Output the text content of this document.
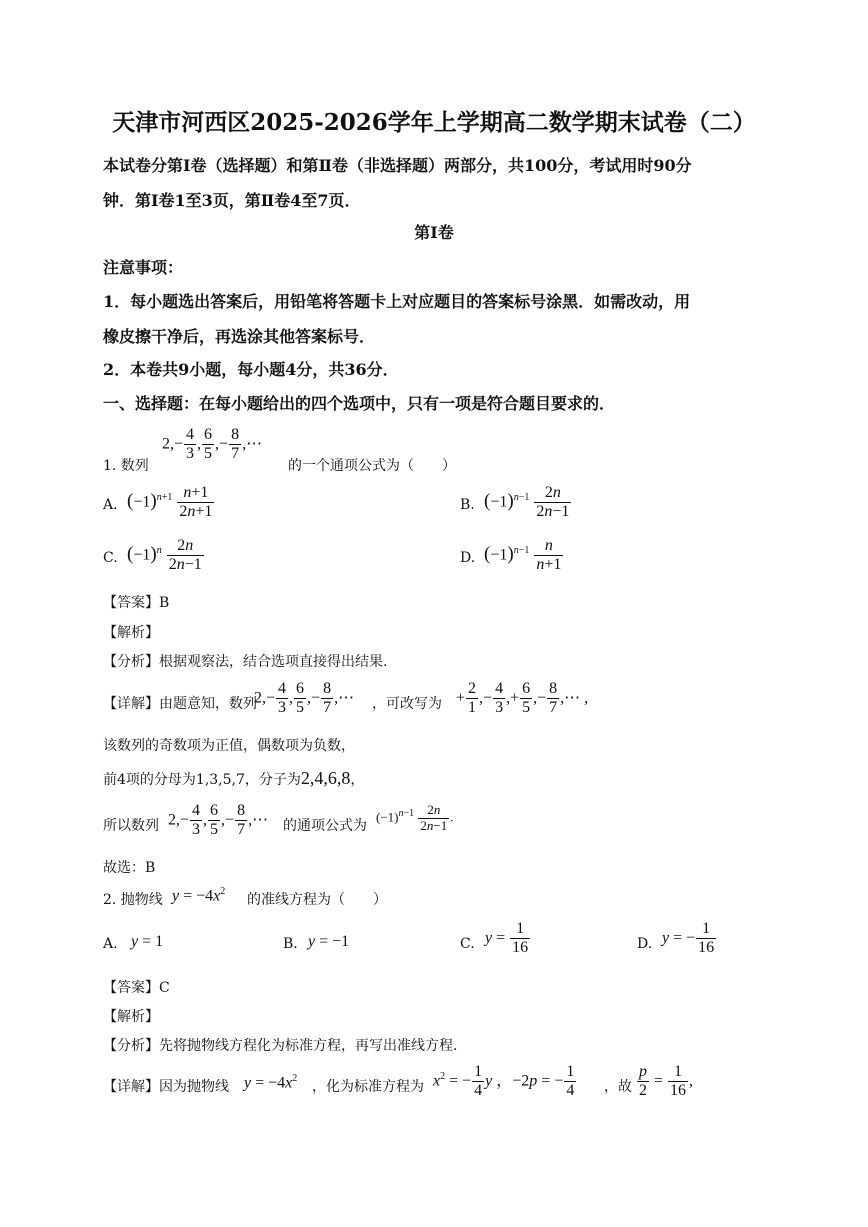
天津市河西区2025-2026学年上学期高二数学期末试卷（二）
本试卷分第Ⅰ卷（选择题）和第Ⅱ卷（非选择题）两部分，共100分，考试用时90分
钟．第Ⅰ卷1至3页，第Ⅱ卷4至7页．
第Ⅰ卷
注意事项：
1．每小题选出答案后，用铅笔将答题卡上对应题目的答案标号涂黑．如需改动，用
橡皮擦干净后，再选涂其他答案标号．
2．本卷共9小题，每小题4分，共36分．
一、选择题：在每小题给出的四个选项中，只有一项是符合题目要求的．
1. 数列
$2,- \frac{4}{3}$ , $\frac{6}{5}$ ,− $\frac{8}{7}$ ,⋯
的一个通项公式为（　　）
A. $(-1)^{n+1} \frac{n+1}{2n+1}$	B. $(-1)^{n-1} \frac{2n}{2n-1}$
C. $(-1)^n \frac{2n}{2n-1}$	D. $(-1)^{n-1} \frac{n}{n+1}$
【答案】B
【解析】
【分析】根据观察法，结合选项直接得出结果.
【详解】由题意知，数列
$2,- \frac{4}{3}$ , $\frac{6}{5}$ ,− $\frac{8}{7}$ ,⋯ ，可改写为 + $\frac{2}{1}$ ,− $\frac{4}{3}$ ,+ $\frac{6}{5}$ ,− $\frac{8}{7}$ ,⋯ ,
该数列的奇数项为正值，偶数项为负数，
前4项的分母为1,3,5,7，分子为2,4,6,8，
所以数列 $2,- \frac{4}{3}$ , $\frac{6}{5}$ ,− $\frac{8}{7}$ ,⋯ 的通项公式为
$(-1)^{n-1} \frac{2n}{2n-1}$ .
故选：B
2. 抛物线 $y = -4x^2$
的准线方程为（　　）
A. y = 1	B. y = −1	C. $y = \frac{1}{16}$	D. y = − $\frac{1}{16}$
【答案】C
【解析】
【分析】先将抛物线方程化为标准方程，再写出准线方程.
【详解】因为抛物线 $y = -4x^2$
，化为标准方程为 $x^2$ = − $\frac{1}{4}$ y ，−2p = − $\frac{1}{4}$ ，故 $\frac{p}{2} = \frac{1}{16}$ ,
